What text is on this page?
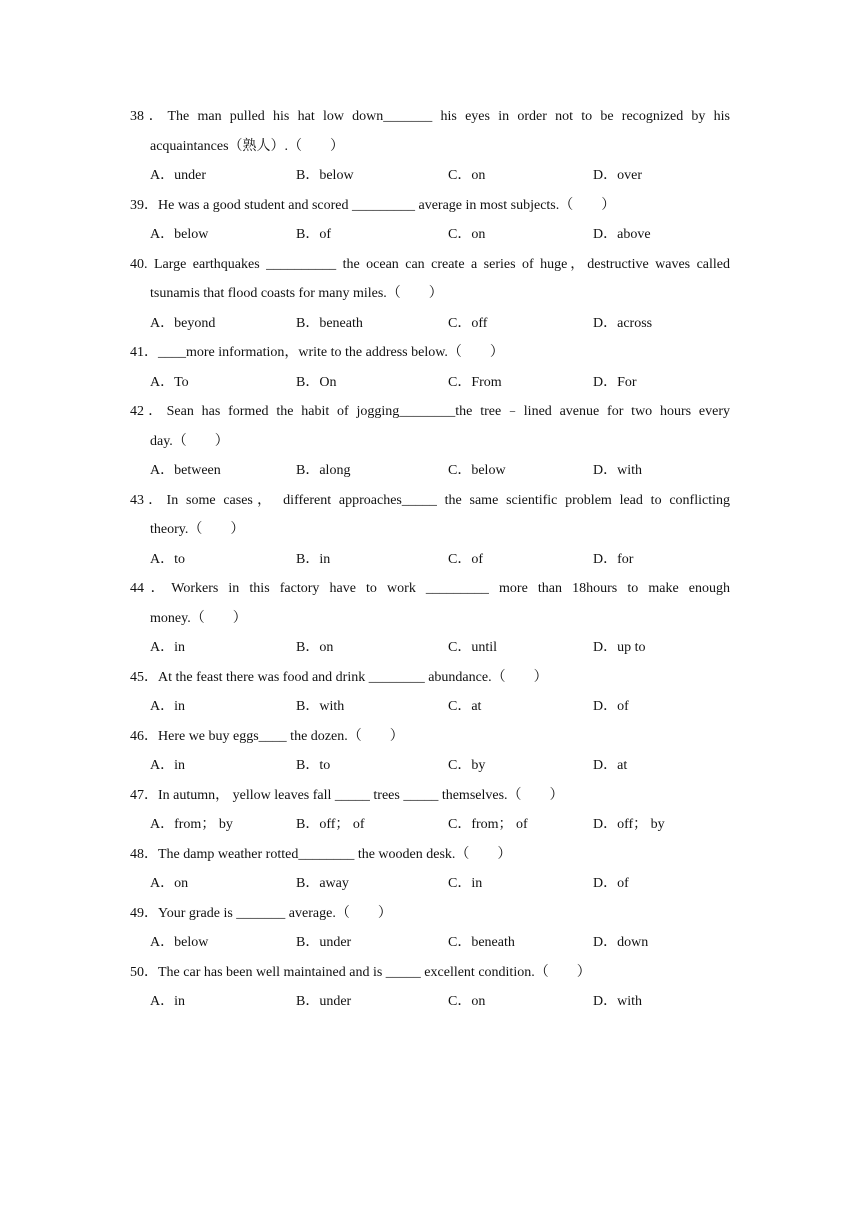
38．The man pulled his hat low down_______ his eyes in order not to be recognized by his
acquaintances（熟人）.（　　）
A．under	B．below	C．on	D．over
39．He was a good student and scored _________ average in most subjects.（　　）
A．below	B．of	C．on	D．above
40. Large earthquakes __________ the ocean can create a series of huge，destructive waves called
tsunamis that flood coasts for many miles.（　　）
A．beyond	B．beneath	C．off	D．across
41．____more information，write to the address below.（　　）
A．To	B．On	C．From	D．For
42．Sean has formed the habit of jogging________the tree﹣lined avenue for two hours every
day.（　　）
A．between	B．along	C．below	D．with
43．In some cases， different approaches_____ the same scientific problem lead to conflicting
theory.（　　）
A．to	B．in	C．of	D．for
44．Workers in this factory have to work _________ more than 18hours to make enough
money.（　　）
A．in	B．on	C．until	D．up to
45．At the feast there was food and drink ________ abundance.（　　）
A．in	B．with	C．at	D．of
46．Here we buy eggs____ the dozen.（　　）
A．in	B．to	C．by	D．at
47．In autumn， yellow leaves fall _____ trees _____ themselves.（　　）
A．from； by	B．off； of	C．from； of	D．off； by
48．The damp weather rotted________ the wooden desk.（　　）
A．on	B．away	C．in	D．of
49．Your grade is _______ average.（　　）
A．below	B．under	C．beneath	D．down
50．The car has been well maintained and is _____ excellent condition.（　　）
A．in	B．under	C．on	D．with
